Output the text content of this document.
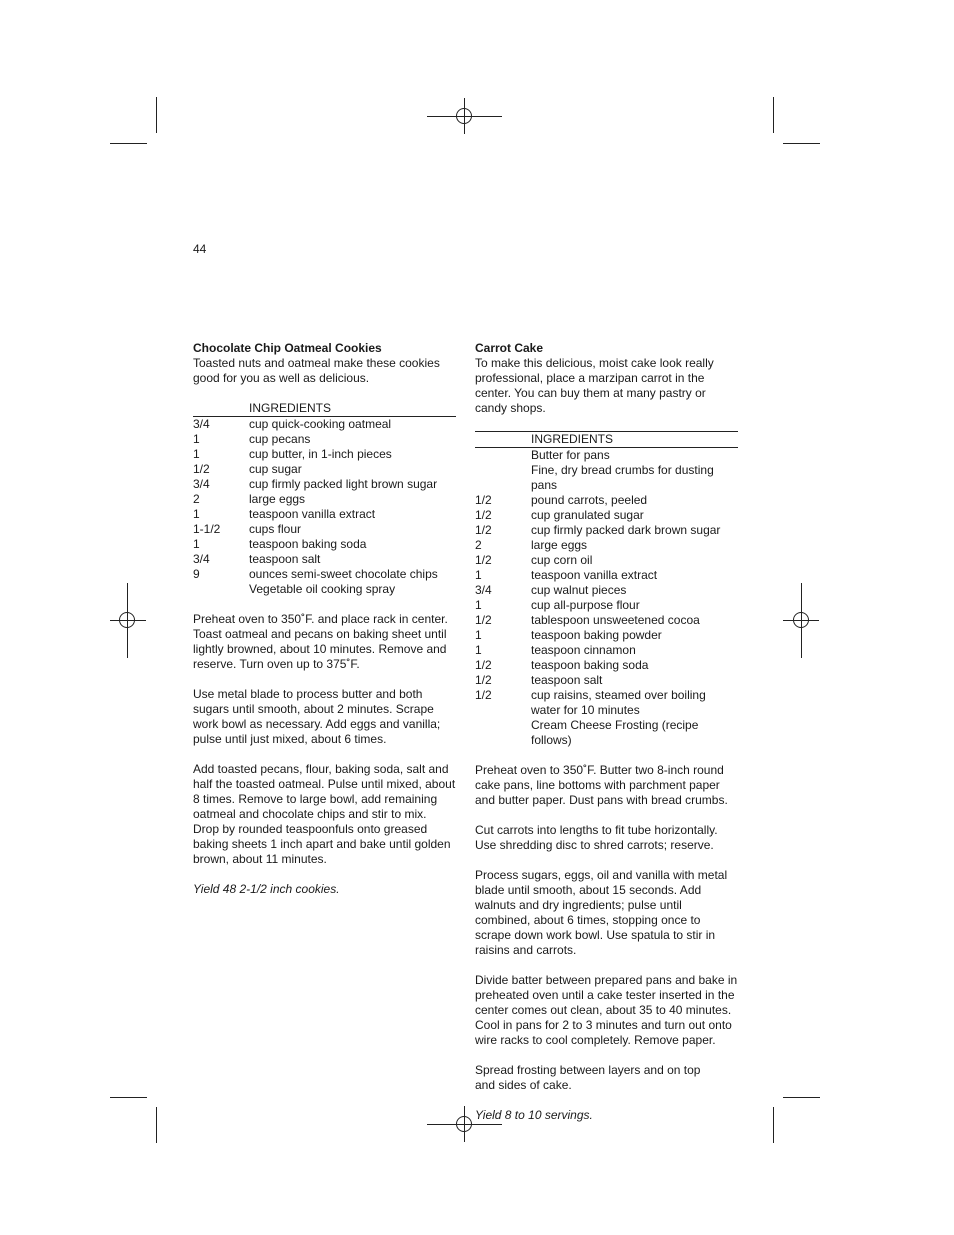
44
Chocolate Chip Oatmeal Cookies
Toasted nuts and oatmeal make these cookies good for you as well as delicious.
INGREDIENTS
3/4	cup quick-cooking oatmeal
1	cup pecans
1	cup butter, in 1-inch pieces
1/2	cup sugar
3/4	cup firmly packed light brown sugar
2	large eggs
1	teaspoon vanilla extract
1-1/2	cups flour
1	teaspoon baking soda
3/4	teaspoon salt
9	ounces semi-sweet chocolate chips
Vegetable oil cooking spray
Preheat oven to 350˚F. and place rack in center. Toast oatmeal and pecans on baking sheet until lightly browned, about 10 minutes. Remove and reserve. Turn oven up to 375˚F.
Use metal blade to process butter and both sugars until smooth, about 2 minutes. Scrape work bowl as necessary. Add eggs and vanilla; pulse until just mixed, about 6 times.
Add toasted pecans, flour, baking soda, salt and half the toasted oatmeal. Pulse until mixed, about 8 times. Remove to large bowl, add remaining oatmeal and chocolate chips and stir to mix.
Drop by rounded teaspoonfuls onto greased baking sheets 1 inch apart and bake until golden brown, about 11 minutes.
Yield 48 2-1/2 inch cookies.
Carrot Cake
To make this delicious, moist cake look really professional, place a marzipan carrot in the center. You can buy them at many pastry or candy shops.
INGREDIENTS
Butter for pans
Fine, dry bread crumbs for dusting pans
1/2	pound carrots, peeled
1/2	cup granulated sugar
1/2	cup firmly packed dark brown sugar
2	large eggs
1/2	cup corn oil
1	teaspoon vanilla extract
3/4	cup walnut pieces
1	cup all-purpose flour
1/2	tablespoon unsweetened cocoa
1	teaspoon baking powder
1	teaspoon cinnamon
1/2	teaspoon baking soda
1/2	teaspoon salt
1/2	cup raisins, steamed over boiling water for 10 minutes
Cream Cheese Frosting (recipe follows)
Preheat oven to 350˚F. Butter two 8-inch round cake pans, line bottoms with parchment paper and butter paper. Dust pans with bread crumbs.
Cut carrots into lengths to fit tube horizontally.
Use shredding disc to shred carrots; reserve.
Process sugars, eggs, oil and vanilla with metal blade until smooth, about 15 seconds. Add walnuts and dry ingredients; pulse until combined, about 6 times, stopping once to scrape down work bowl. Use spatula to stir in raisins and carrots.
Divide batter between prepared pans and bake in preheated oven until a cake tester inserted in the center comes out clean, about 35 to 40 minutes. Cool in pans for 2 to 3 minutes and turn out onto wire racks to cool completely. Remove paper.
Spread frosting between layers and on top
and sides of cake.
Yield 8 to 10 servings.
